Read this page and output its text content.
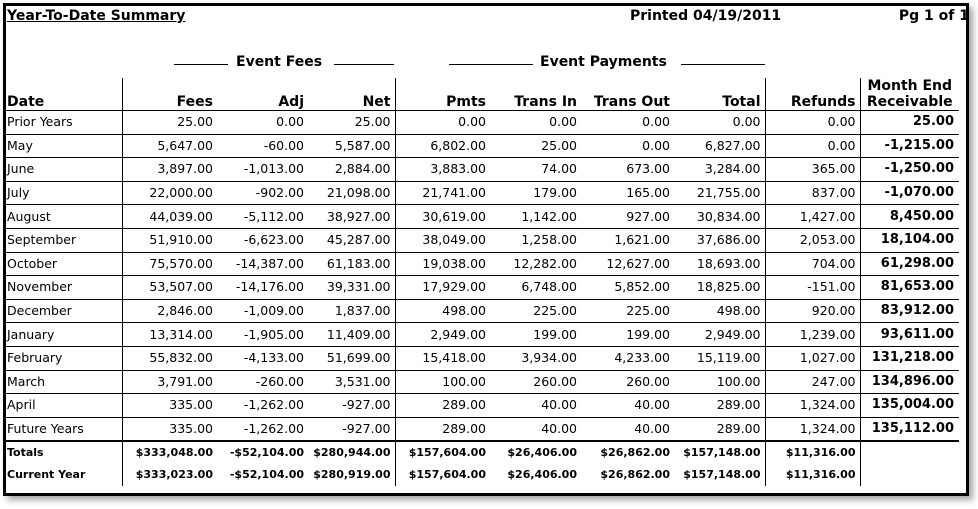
Year-To-Date Summary	Printed 04/19/2011	Pg 1 of 1
Event Fees	Event Payments
Date	Fees	Adj	Net	Pmts	Trans In	Trans Out	Total	Refunds	Month End
Receivable
Prior Years	25.00	0.00	25.00	0.00	0.00	0.00	0.00	0.00	25.00
May	5,647.00	-60.00	5,587.00	6,802.00	25.00	0.00	6,827.00	0.00	-1,215.00
June	3,897.00	-1,013.00	2,884.00	3,883.00	74.00	673.00	3,284.00	365.00	-1,250.00
July	22,000.00	-902.00	21,098.00	21,741.00	179.00	165.00	21,755.00	837.00	-1,070.00
August	44,039.00	-5,112.00	38,927.00	30,619.00	1,142.00	927.00	30,834.00	1,427.00	8,450.00
September	51,910.00	-6,623.00	45,287.00	38,049.00	1,258.00	1,621.00	37,686.00	2,053.00	18,104.00
October	75,570.00	-14,387.00	61,183.00	19,038.00	12,282.00	12,627.00	18,693.00	704.00	61,298.00
November	53,507.00	-14,176.00	39,331.00	17,929.00	6,748.00	5,852.00	18,825.00	-151.00	81,653.00
December	2,846.00	-1,009.00	1,837.00	498.00	225.00	225.00	498.00	920.00	83,912.00
January	13,314.00	-1,905.00	11,409.00	2,949.00	199.00	199.00	2,949.00	1,239.00	93,611.00
February	55,832.00	-4,133.00	51,699.00	15,418.00	3,934.00	4,233.00	15,119.00	1,027.00	131,218.00
March	3,791.00	-260.00	3,531.00	100.00	260.00	260.00	100.00	247.00	134,896.00
April	335.00	-1,262.00	-927.00	289.00	40.00	40.00	289.00	1,324.00	135,004.00
Future Years	335.00	-1,262.00	-927.00	289.00	40.00	40.00	289.00	1,324.00	135,112.00
Totals	$333,048.00	-$52,104.00	$280,944.00	$157,604.00	$26,406.00	$26,862.00	$157,148.00	$11,316.00	
Current Year	$333,023.00	-$52,104.00	$280,919.00	$157,604.00	$26,406.00	$26,862.00	$157,148.00	$11,316.00	
